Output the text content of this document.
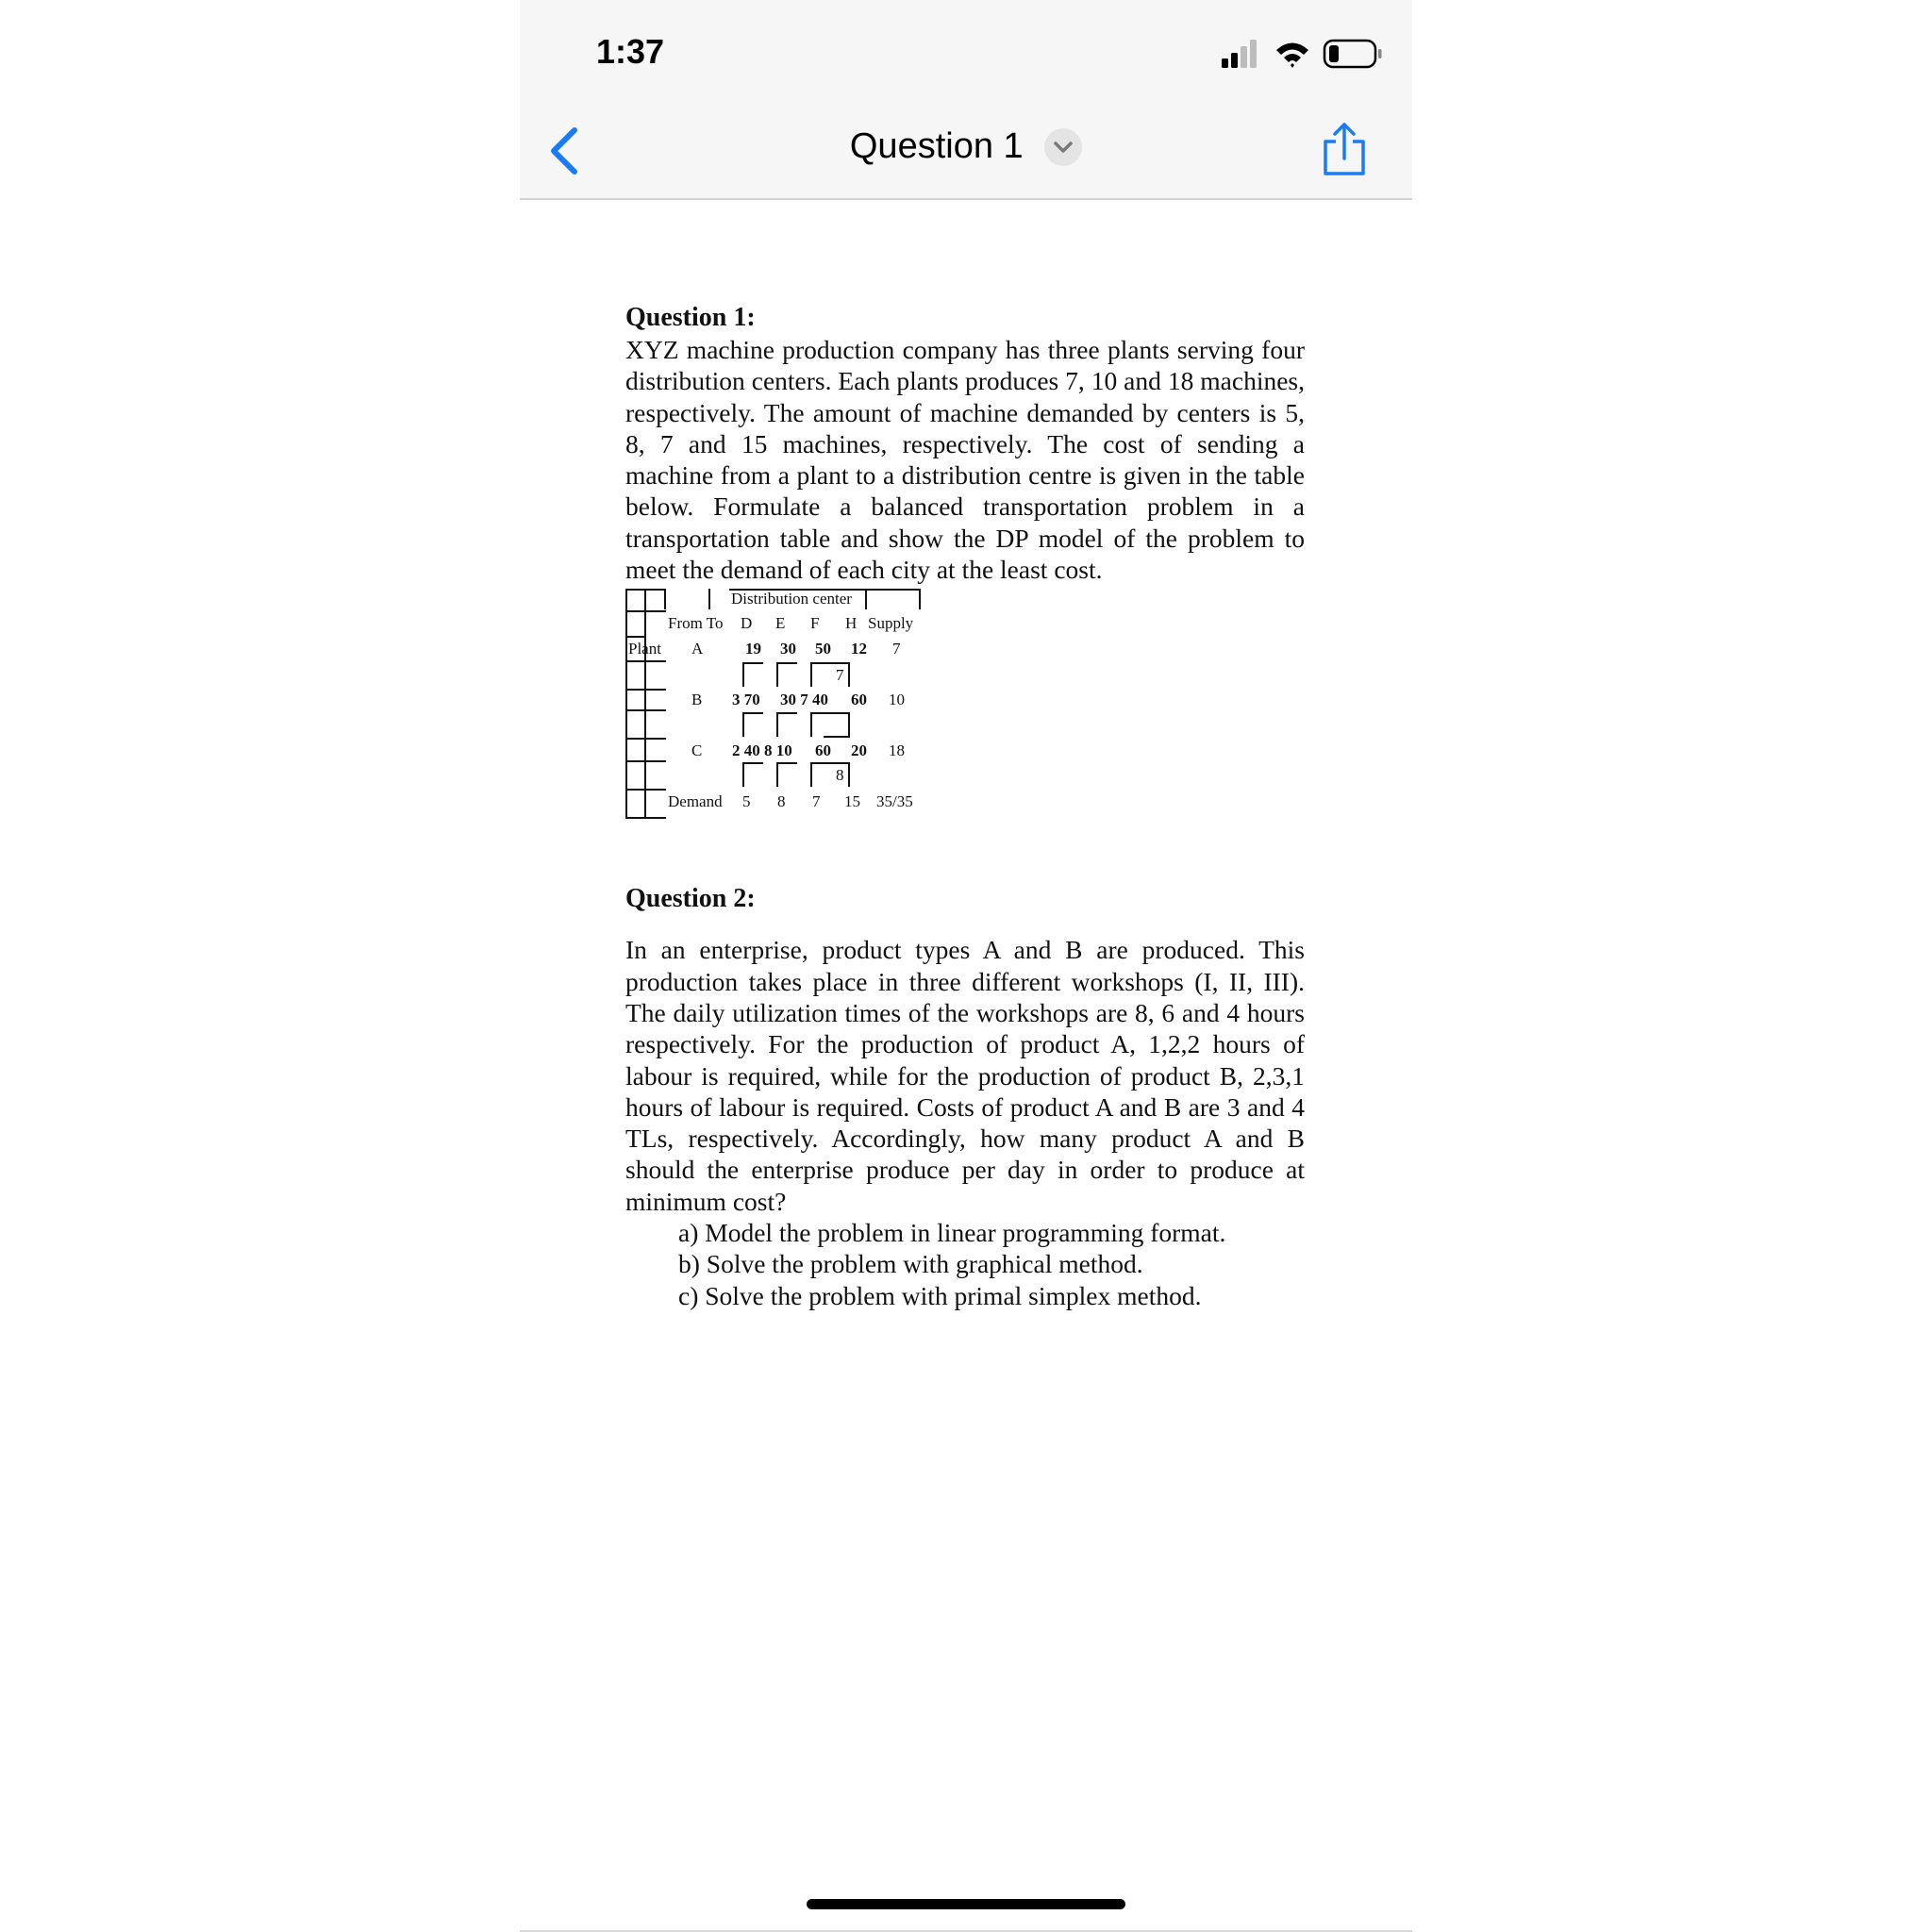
1:37
Question 1
Question 1:
XYZ machine production company has three plants serving four distribution centers. Each plants produces 7, 10 and 18 machines, respectively. The amount of machine demanded by centers is 5, 8, 7 and 15 machines, respectively. The cost of sending a machine from a plant to a distribution centre is given in the table below. Formulate a balanced transportation problem in a transportation table and show the DP model of the problem to meet the demand of each city at the least cost.
Distribution center
From To D E F H Supply
Plant A	19 30 50 12 7
7
B 3 70 30 7 40 60 10
C 2 40 8 10 60 20 18
8
Demand 5 8 7 15 35/35
Question 2:
In an enterprise, product types A and B are produced. This production takes place in three different workshops (I, II, III). The daily utilization times of the workshops are 8, 6 and 4 hours respectively. For the production of product A, 1,2,2 hours of labour is required, while for the production of product B, 2,3,1 hours of labour is required. Costs of product A and B are 3 and 4 TLs, respectively. Accordingly, how many product A and B should the enterprise produce per day in order to produce at minimum cost?
a) Model the problem in linear programming format.
b) Solve the problem with graphical method.
c) Solve the problem with primal simplex method.
